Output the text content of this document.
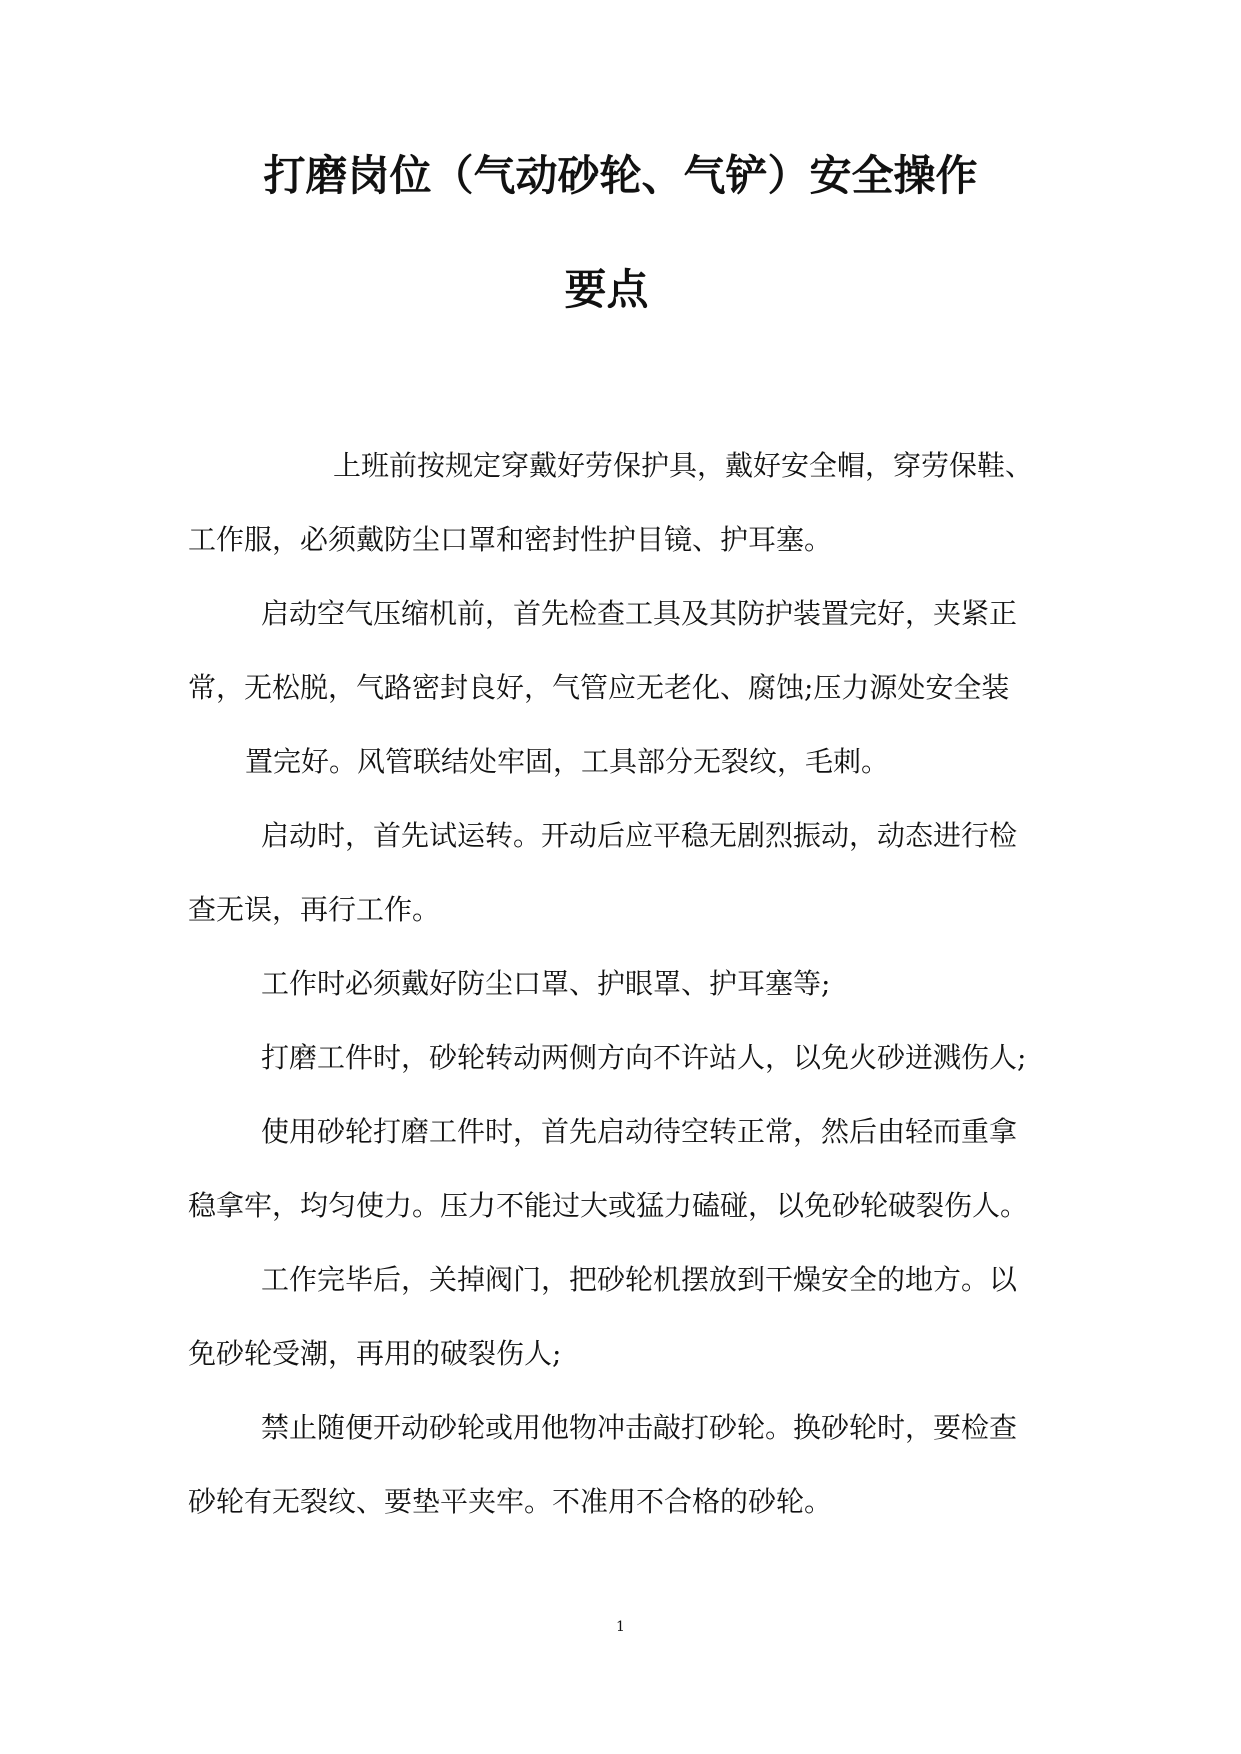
打磨岗位（气动砂轮、气铲）安全操作
要点

上班前按规定穿戴好劳保护具，戴好安全帽，穿劳保鞋、

工作服，必须戴防尘口罩和密封性护目镜、护耳塞。

启动空气压缩机前，首先检查工具及其防护装置完好，夹紧正

常，无松脱，气路密封良好，气管应无老化、腐蚀;压力源处安全装

置完好。风管联结处牢固，工具部分无裂纹，毛刺。

启动时，首先试运转。开动后应平稳无剧烈振动，动态进行检

查无误，再行工作。

工作时必须戴好防尘口罩、护眼罩、护耳塞等;

打磨工件时，砂轮转动两侧方向不许站人，以免火砂迸溅伤人;

使用砂轮打磨工件时，首先启动待空转正常，然后由轻而重拿

稳拿牢，均匀使力。压力不能过大或猛力磕碰，以免砂轮破裂伤人。

工作完毕后，关掉阀门，把砂轮机摆放到干燥安全的地方。以

免砂轮受潮，再用的破裂伤人;

禁止随便开动砂轮或用他物冲击敲打砂轮。换砂轮时，要检查

砂轮有无裂纹、要垫平夹牢。不准用不合格的砂轮。

1
